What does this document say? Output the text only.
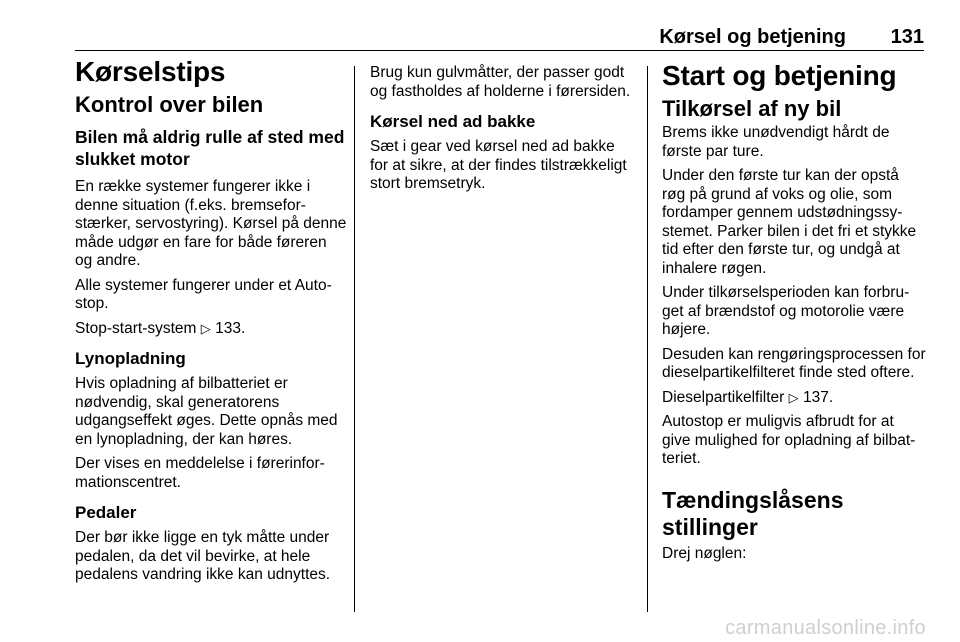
Kørsel og betjening 131
Kørselstips
Kontrol over bilen
Bilen må aldrig rulle af sted med slukket motor

En række systemer fungerer ikke i denne situation (f.eks. bremsefor-stærker, servostyring). Kørsel på denne måde udgør en fare for både føreren og andre.

Alle systemer fungerer under et Auto-stop.

Stop-start-system ▷ 133.

Lynopladning

Hvis opladning af bilbatteriet er nødvendig, skal generatorens udgangseffekt øges. Dette opnås med en lynopladning, der kan høres.

Der vises en meddelelse i førerinfor-mationscentret.

Pedaler

Der bør ikke ligge en tyk måtte under pedalen, da det vil bevirke, at hele pedalens vandring ikke kan udnyttes.

Brug kun gulvmåtter, der passer godt og fastholdes af holderne i førersiden.

Kørsel ned ad bakke

Sæt i gear ved kørsel ned ad bakke for at sikre, at der findes tilstrækkeligt stort bremsetryk.

Start og betjening
Tilkørsel af ny bil

Brems ikke unødvendigt hårdt de første par ture.

Under den første tur kan der opstå røg på grund af voks og olie, som fordamper gennem udstødningssy-stemet. Parker bilen i det fri et stykke tid efter den første tur, og undgå at inhalere røgen.

Under tilkørselsperioden kan forbru-get af brændstof og motorolie være højere.

Desuden kan rengøringsprocessen for dieselpartikelfilteret finde sted oftere.

Dieselpartikelfilter ▷ 137.

Autostop er muligvis afbrudt for at give mulighed for opladning af bilbat-teriet.

Tændingslåsens stillinger

Drej nøglen:

carmanualsonline.info
